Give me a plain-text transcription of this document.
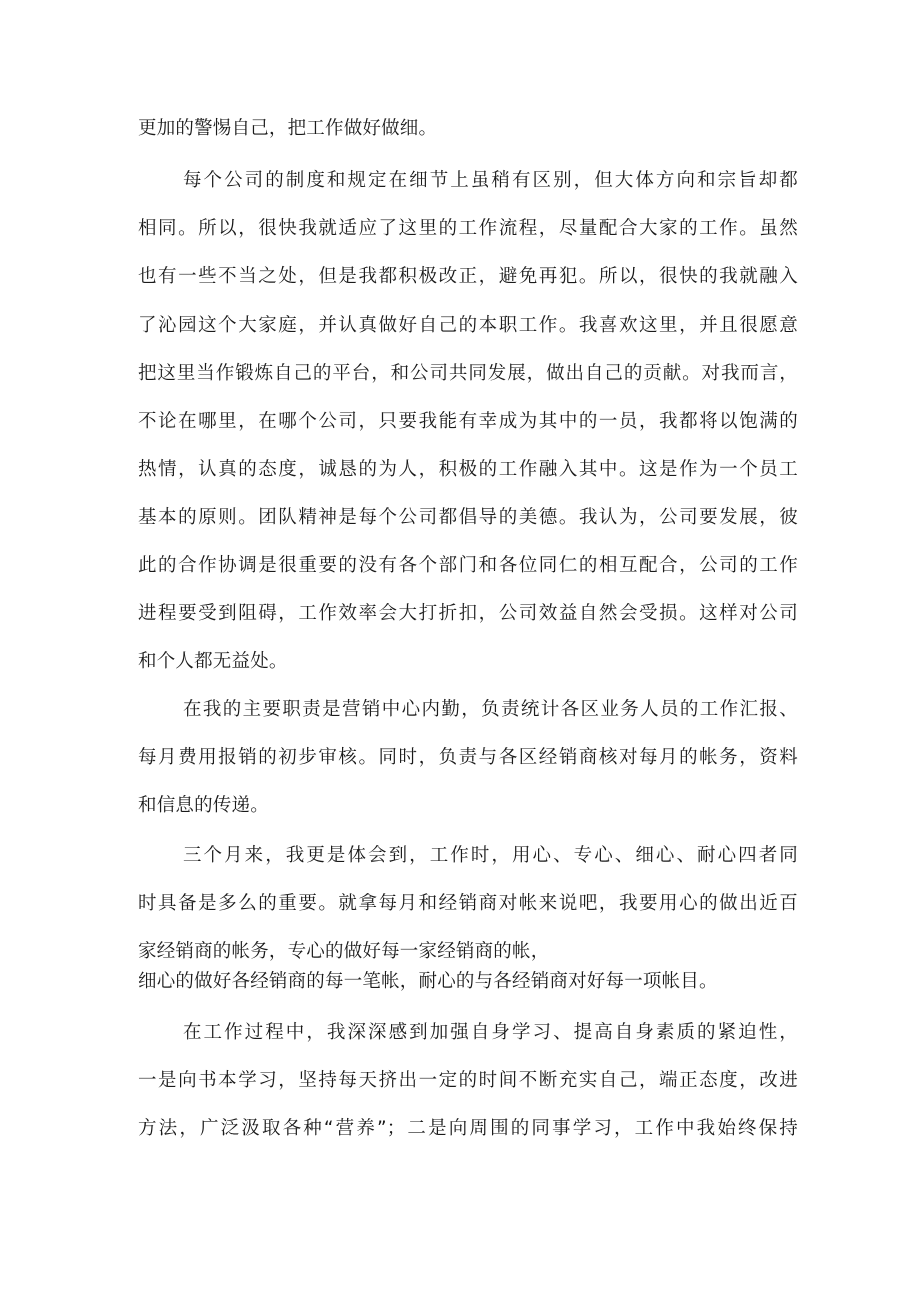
更加的警惕自己，把工作做好做细。
每个公司的制度和规定在细节上虽稍有区别，但大体方向和宗旨却都
相同。所以，很快我就适应了这里的工作流程，尽量配合大家的工作。虽然
也有一些不当之处，但是我都积极改正，避免再犯。所以，很快的我就融入
了沁园这个大家庭，并认真做好自己的本职工作。我喜欢这里，并且很愿意
把这里当作锻炼自己的平台，和公司共同发展，做出自己的贡献。对我而言，
不论在哪里，在哪个公司，只要我能有幸成为其中的一员，我都将以饱满的
热情，认真的态度，诚恳的为人，积极的工作融入其中。这是作为一个员工
基本的原则。团队精神是每个公司都倡导的美德。我认为，公司要发展，彼
此的合作协调是很重要的没有各个部门和各位同仁的相互配合，公司的工作
进程要受到阻碍，工作效率会大打折扣，公司效益自然会受损。这样对公司
和个人都无益处。
在我的主要职责是营销中心内勤，负责统计各区业务人员的工作汇报、
每月费用报销的初步审核。同时，负责与各区经销商核对每月的帐务，资料
和信息的传递。
三个月来，我更是体会到，工作时，用心、专心、细心、耐心四者同
时具备是多么的重要。就拿每月和经销商对帐来说吧，我要用心的做出近百
家经销商的帐务，专心的做好每一家经销商的帐，
细心的做好各经销商的每一笔帐，耐心的与各经销商对好每一项帐目。
在工作过程中，我深深感到加强自身学习、提高自身素质的紧迫性，
一是向书本学习，坚持每天挤出一定的时间不断充实自己，端正态度，改进
方法，广泛汲取各种“营养”；二是向周围的同事学习，工作中我始终保持
